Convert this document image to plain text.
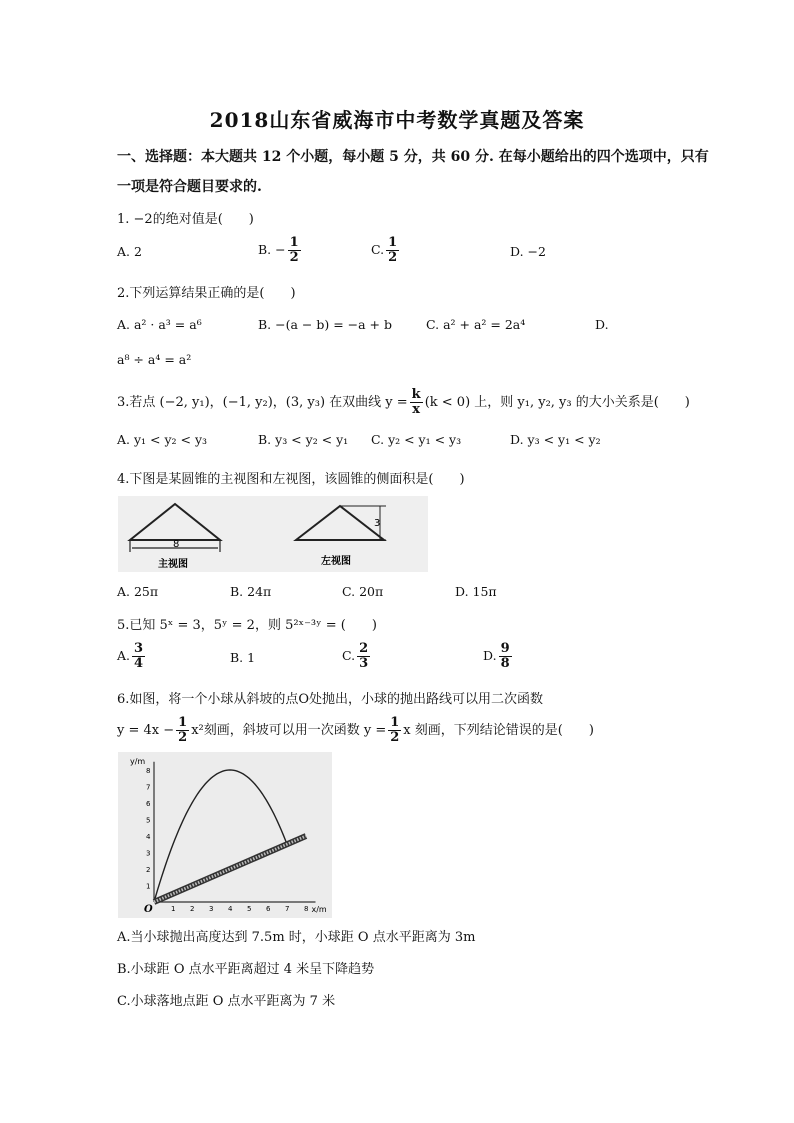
2018山东省威海市中考数学真题及答案
一、选择题：本大题共 12 个小题，每小题 5 分，共 60 分. 在每小题给出的四个选项中，只有
一项是符合题目要求的.
1. −2的绝对值是(　　)
A. 2	B. − $\frac{1}{2}$	C. $\frac{1}{2}$	D. −2
2.下列运算结果正确的是(　　)
A. a² · a³ = a⁶	B. −(a − b) = −a + b	C. a² + a² = 2a⁴	D.
a⁸ ÷ a⁴ = a²
3.若点 (−2, y₁)，(−1, y₂)，(3, y₃) 在双曲线 $y = \frac{k}{x} (k < 0)$ 上，则 y₁, y₂, y₃ 的大小关系是(　　)
A. y₁ < y₂ < y₃	B. y₃ < y₂ < y₁ C. y₂ < y₁ < y₃	D. y₃ < y₁ < y₂
4.下图是某圆锥的主视图和左视图，该圆锥的侧面积是(　　)
8
主视图
3
左视图
A. 25π	B. 24π	C. 20π	D. 15π
5.已知 5ˣ = 3，5ʸ = 2，则 5²ˣ⁻³ʸ = (　　)
A. $\frac{3}{4}$	B. 1	C. $\frac{2}{3}$	D. $\frac{9}{8}$
6.如图，将一个小球从斜坡的点O处抛出，小球的抛出路线可以用二次函数
$y = 4x - \frac{1}{2} x^2$刻画，斜坡可以用一次函数 $y = \frac{1}{2}$ x 刻画，下列结论错误的是(　　)
y/m
x/m
O
1
2
3
4
5
6
7
8
1 2 3 4 5 6 7 8
A.当小球抛出高度达到 7.5m 时，小球距 O 点水平距离为 3m
B.小球距 O 点水平距离超过 4 米呈下降趋势
C.小球落地点距 O 点水平距离为 7 米
